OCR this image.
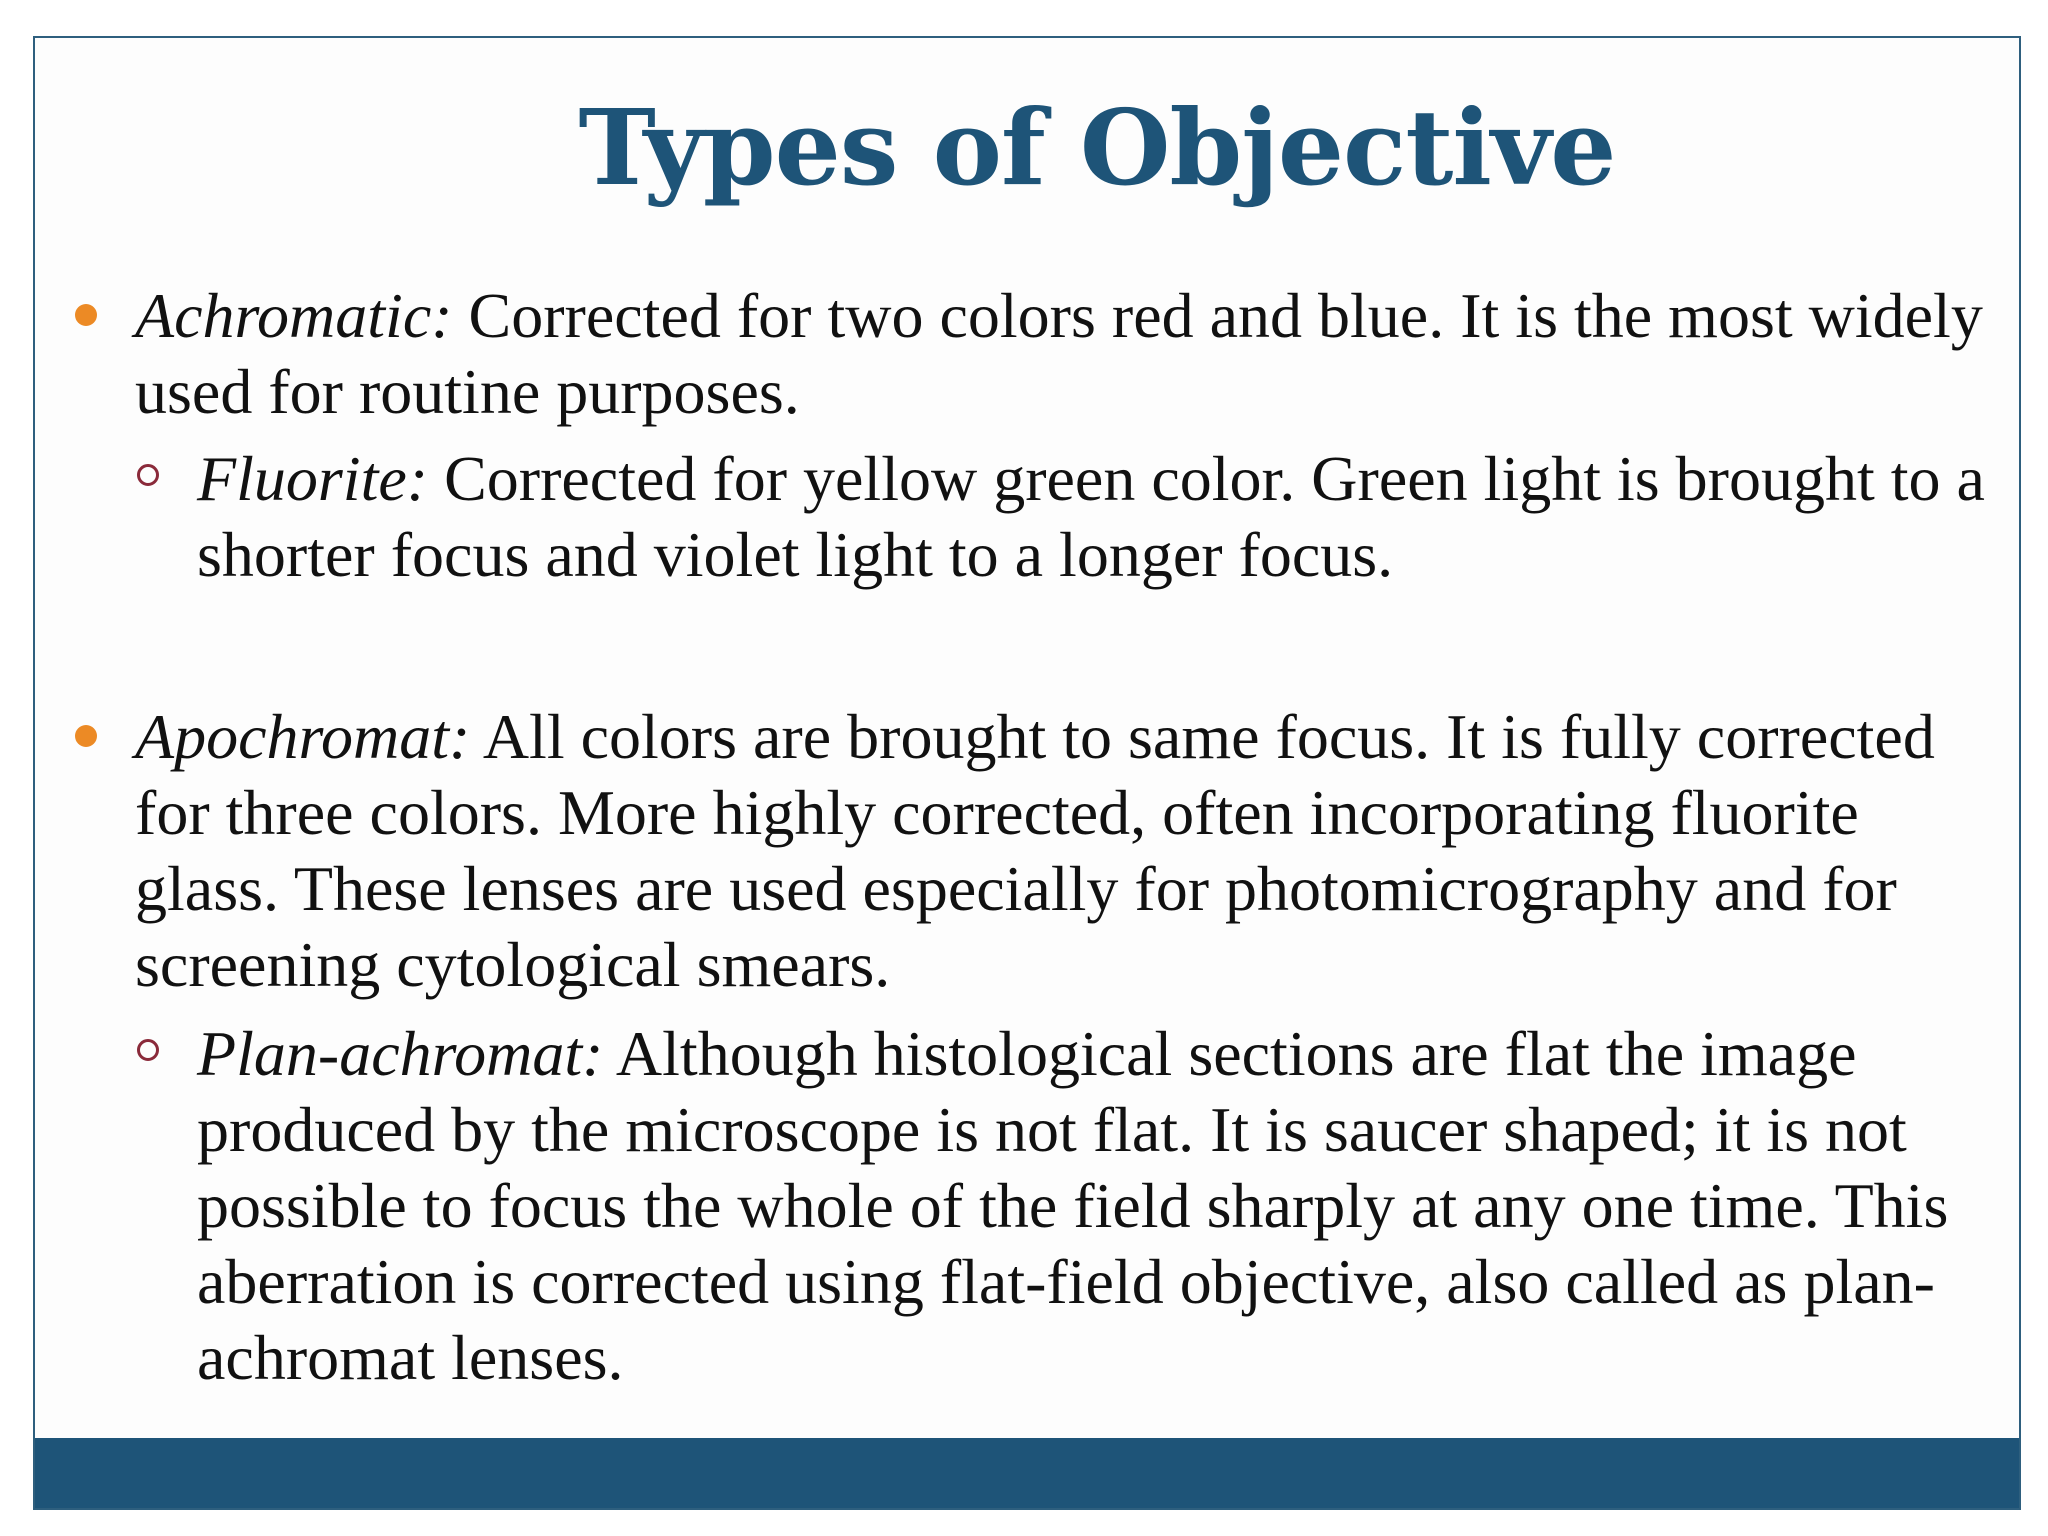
Types of Objective
Achromatic: Corrected for two colors red and blue. It is the most widely used for routine purposes.
Fluorite: Corrected for yellow green color. Green light is brought to a shorter focus and violet light to a longer focus.
Apochromat: All colors are brought to same focus. It is fully corrected for three colors. More highly corrected, often incorporating fluorite glass. These lenses are used especially for photomicrography and for screening cytological smears.
Plan-achromat: Although histological sections are flat the image produced by the microscope is not flat. It is saucer shaped; it is not possible to focus the whole of the field sharply at any one time. This aberration is corrected using flat-field objective, also called as plan-achromat lenses.
